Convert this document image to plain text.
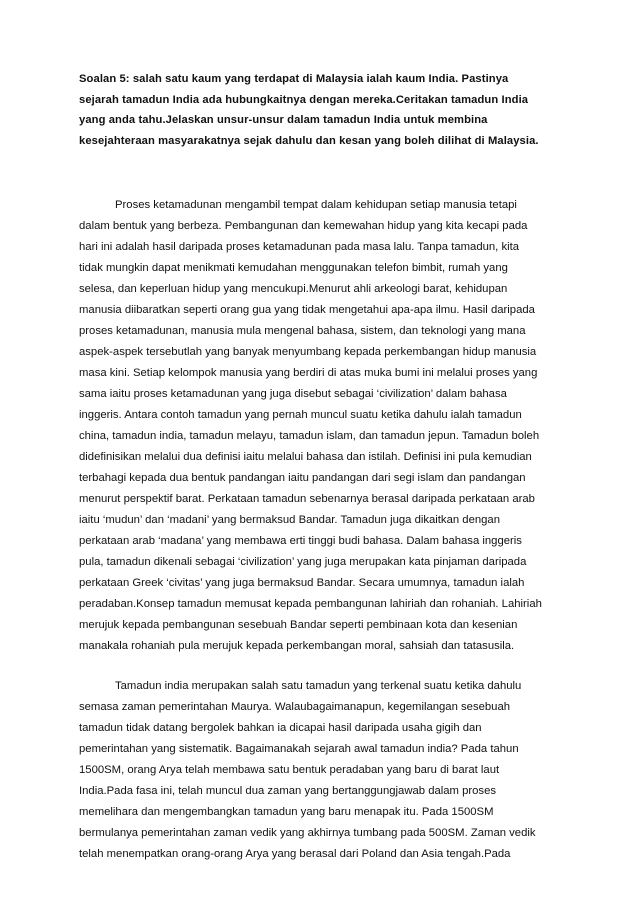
Soalan 5: salah satu kaum yang terdapat di Malaysia ialah kaum India. Pastinya
sejarah tamadun India ada hubungkaitnya dengan mereka.Ceritakan tamadun India
yang anda tahu.Jelaskan unsur-unsur dalam tamadun India untuk membina
kesejahteraan masyarakatnya sejak dahulu dan kesan yang boleh dilihat di Malaysia.
Proses ketamadunan mengambil tempat dalam kehidupan setiap manusia tetapi
dalam bentuk yang berbeza. Pembangunan dan kemewahan hidup yang kita kecapi pada
hari ini adalah hasil daripada proses ketamadunan pada masa lalu. Tanpa tamadun, kita
tidak mungkin dapat menikmati kemudahan menggunakan telefon bimbit, rumah yang
selesa, dan keperluan hidup yang mencukupi.Menurut ahli arkeologi barat, kehidupan
manusia diibaratkan seperti orang gua yang tidak mengetahui apa-apa ilmu. Hasil daripada
proses ketamadunan, manusia mula mengenal bahasa, sistem, dan teknologi yang mana
aspek-aspek tersebutlah yang banyak menyumbang kepada perkembangan hidup manusia
masa kini. Setiap kelompok manusia yang berdiri di atas muka bumi ini melalui proses yang
sama iaitu proses ketamadunan yang juga disebut sebagai ‘civilization’ dalam bahasa
inggeris. Antara contoh tamadun yang pernah muncul suatu ketika dahulu ialah tamadun
china, tamadun india, tamadun melayu, tamadun islam, dan tamadun jepun. Tamadun boleh
didefinisikan melalui dua definisi iaitu melalui bahasa dan istilah. Definisi ini pula kemudian
terbahagi kepada dua bentuk pandangan iaitu pandangan dari segi islam dan pandangan
menurut perspektif barat. Perkataan tamadun sebenarnya berasal daripada perkataan arab
iaitu ‘mudun’ dan ‘madani’ yang bermaksud Bandar. Tamadun juga dikaitkan dengan
perkataan arab ‘madana’ yang membawa erti tinggi budi bahasa. Dalam bahasa inggeris
pula, tamadun dikenali sebagai ‘civilization’ yang juga merupakan kata pinjaman daripada
perkataan Greek ‘civitas’ yang juga bermaksud Bandar. Secara umumnya, tamadun ialah
peradaban.Konsep tamadun memusat kepada pembangunan lahiriah dan rohaniah. Lahiriah
merujuk kepada pembangunan sesebuah Bandar seperti pembinaan kota dan kesenian
manakala rohaniah pula merujuk kepada perkembangan moral, sahsiah dan tatasusila.
Tamadun india merupakan salah satu tamadun yang terkenal suatu ketika dahulu
semasa zaman pemerintahan Maurya. Walaubagaimanapun, kegemilangan sesebuah
tamadun tidak datang bergolek bahkan ia dicapai hasil daripada usaha gigih dan
pemerintahan yang sistematik. Bagaimanakah sejarah awal tamadun india? Pada tahun
1500SM, orang Arya telah membawa satu bentuk peradaban yang baru di barat laut
India.Pada fasa ini, telah muncul dua zaman yang bertanggungjawab dalam proses
memelihara dan mengembangkan tamadun yang baru menapak itu. Pada 1500SM
bermulanya pemerintahan zaman vedik yang akhirnya tumbang pada 500SM. Zaman vedik
telah menempatkan orang-orang Arya yang berasal dari Poland dan Asia tengah.Pada
